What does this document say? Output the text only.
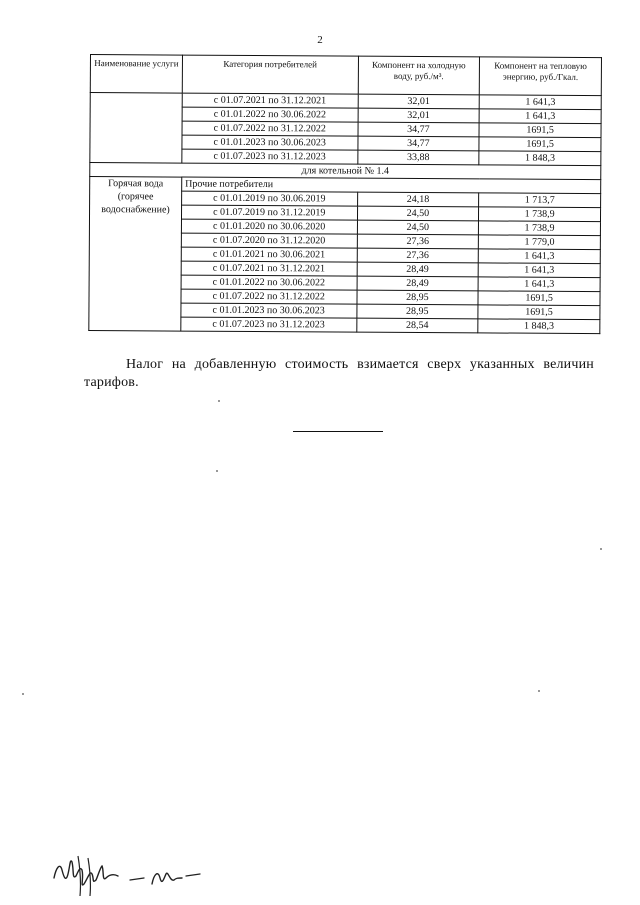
2
Наименование услуги	Категория потребителей	Компонент на холодную воду, руб./м³.	Компонент на тепловую энергию, руб./Гкал.
	с 01.07.2021 по 31.12.2021	32,01	1 641,3
	с 01.01.2022 по 30.06.2022	32,01	1 641,3
	с 01.07.2022 по 31.12.2022	34,77	1691,5
	с 01.01.2023 по 30.06.2023	34,77	1691,5
	с 01.07.2023 по 31.12.2023	33,88	1 848,3
для котельной № 1.4			
Горячая вода (горячее водоснабжение)	Прочие потребители		
	с 01.01.2019 по 30.06.2019	24,18	1 713,7
	с 01.07.2019 по 31.12.2019	24,50	1 738,9
	с 01.01.2020 по 30.06.2020	24,50	1 738,9
	с 01.07.2020 по 31.12.2020	27,36	1 779,0
	с 01.01.2021 по 30.06.2021	27,36	1 641,3
	с 01.07.2021 по 31.12.2021	28,49	1 641,3
	с 01.01.2022 по 30.06.2022	28,49	1 641,3
	с 01.07.2022 по 31.12.2022	28,95	1691,5
	с 01.01.2023 по 30.06.2023	28,95	1691,5
	с 01.07.2023 по 31.12.2023	28,54	1 848,3
Налог на добавленную стоимость взимается сверх указанных величин тарифов.
